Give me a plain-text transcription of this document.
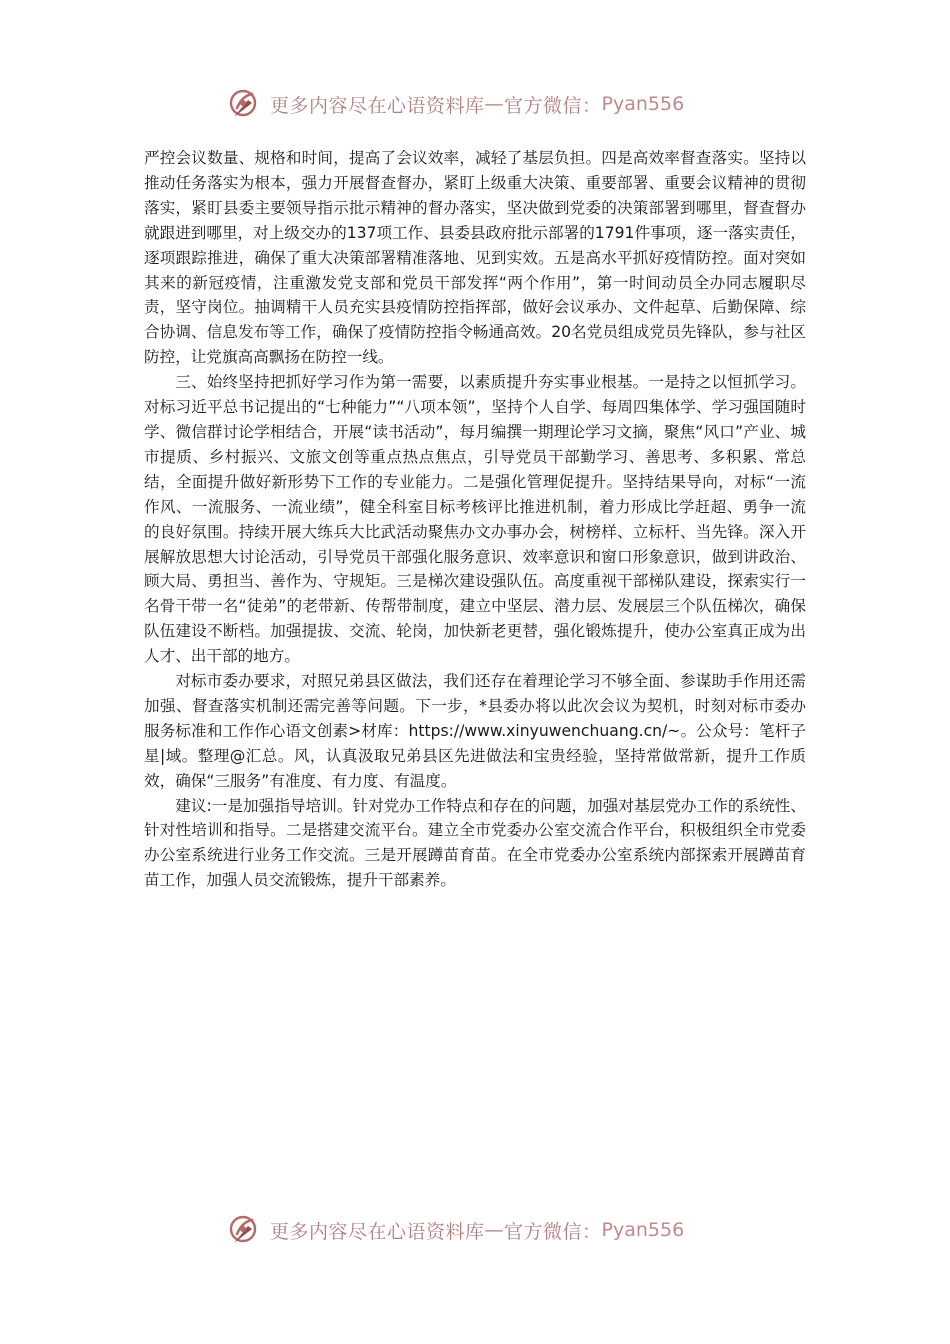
更多内容尽在心语资料库 — 官方微信： Pyan556

严控会议数量、规格和时间，提高了会议效率，减轻了基层负担。四是高效率督查落实。坚持以推动任务落实为根本，强力开展督查督办，紧盯上级重大决策、重要部署、重要会议精神的贯彻落实，紧盯县委主要领导指示批示精神的督办落实，坚决做到党委的决策部署到哪里，督查督办就跟进到哪里，对上级交办的137项工作、县委县政府批示部署的1791件事项，逐一落实责任，逐项跟踪推进，确保了重大决策部署精准落地、见到实效。五是高水平抓好疫情防控。面对突如其来的新冠疫情，注重激发党支部和党员干部发挥“两个作用”，第一时间动员全办同志履职尽责，坚守岗位。抽调精干人员充实县疫情防控指挥部，做好会议承办、文件起草、后勤保障、综合协调、信息发布等工作，确保了疫情防控指令畅通高效。20名党员组成党员先锋队，参与社区防控，让党旗高高飘扬在防控一线。

三、始终坚持把抓好学习作为第一需要，以素质提升夯实事业根基。一是持之以恒抓学习。对标习近平总书记提出的“七种能力”“八项本领”，坚持个人自学、每周四集体学、学习强国随时学、微信群讨论学相结合，开展“读书活动”，每月编撰一期理论学习文摘，聚焦“风口”产业、城市提质、乡村振兴、文旅文创等重点热点焦点，引导党员干部勤学习、善思考、多积累、常总结，全面提升做好新形势下工作的专业能力。二是强化管理促提升。坚持结果导向，对标“一流作风、一流服务、一流业绩”，健全科室目标考核评比推进机制，着力形成比学赶超、勇争一流的良好氛围。持续开展大练兵大比武活动聚焦办文办事办会，树榜样、立标杆、当先锋。深入开展解放思想大讨论活动，引导党员干部强化服务意识、效率意识和窗口形象意识，做到讲政治、顾大局、勇担当、善作为、守规矩。三是梯次建设强队伍。高度重视干部梯队建设，探索实行一名骨干带一名“徒弟”的老带新、传帮带制度，建立中坚层、潜力层、发展层三个队伍梯次，确保队伍建设不断档。加强提拔、交流、轮岗，加快新老更替，强化锻炼提升，使办公室真正成为出人才、出干部的地方。

对标市委办要求，对照兄弟县区做法，我们还存在着理论学习不够全面、参谋助手作用还需加强、督查落实机制还需完善等问题。下一步，*县委办将以此次会议为契机，时刻对标市委办服务标准和工作作心语文创素>材库：https://www.xinyuwenchuang.cn/~。公众号：笔杆子星|域。整理@汇总。风，认真汲取兄弟县区先进做法和宝贵经验，坚持常做常新，提升工作质效，确保“三服务”有准度、有力度、有温度。

建议:一是加强指导培训。针对党办工作特点和存在的问题，加强对基层党办工作的系统性、针对性培训和指导。二是搭建交流平台。建立全市党委办公室交流合作平台，积极组织全市党委办公室系统进行业务工作交流。三是开展蹲苗育苗。在全市党委办公室系统内部探索开展蹲苗育苗工作，加强人员交流锻炼，提升干部素养。

更多内容尽在心语资料库 — 官方微信： Pyan556
